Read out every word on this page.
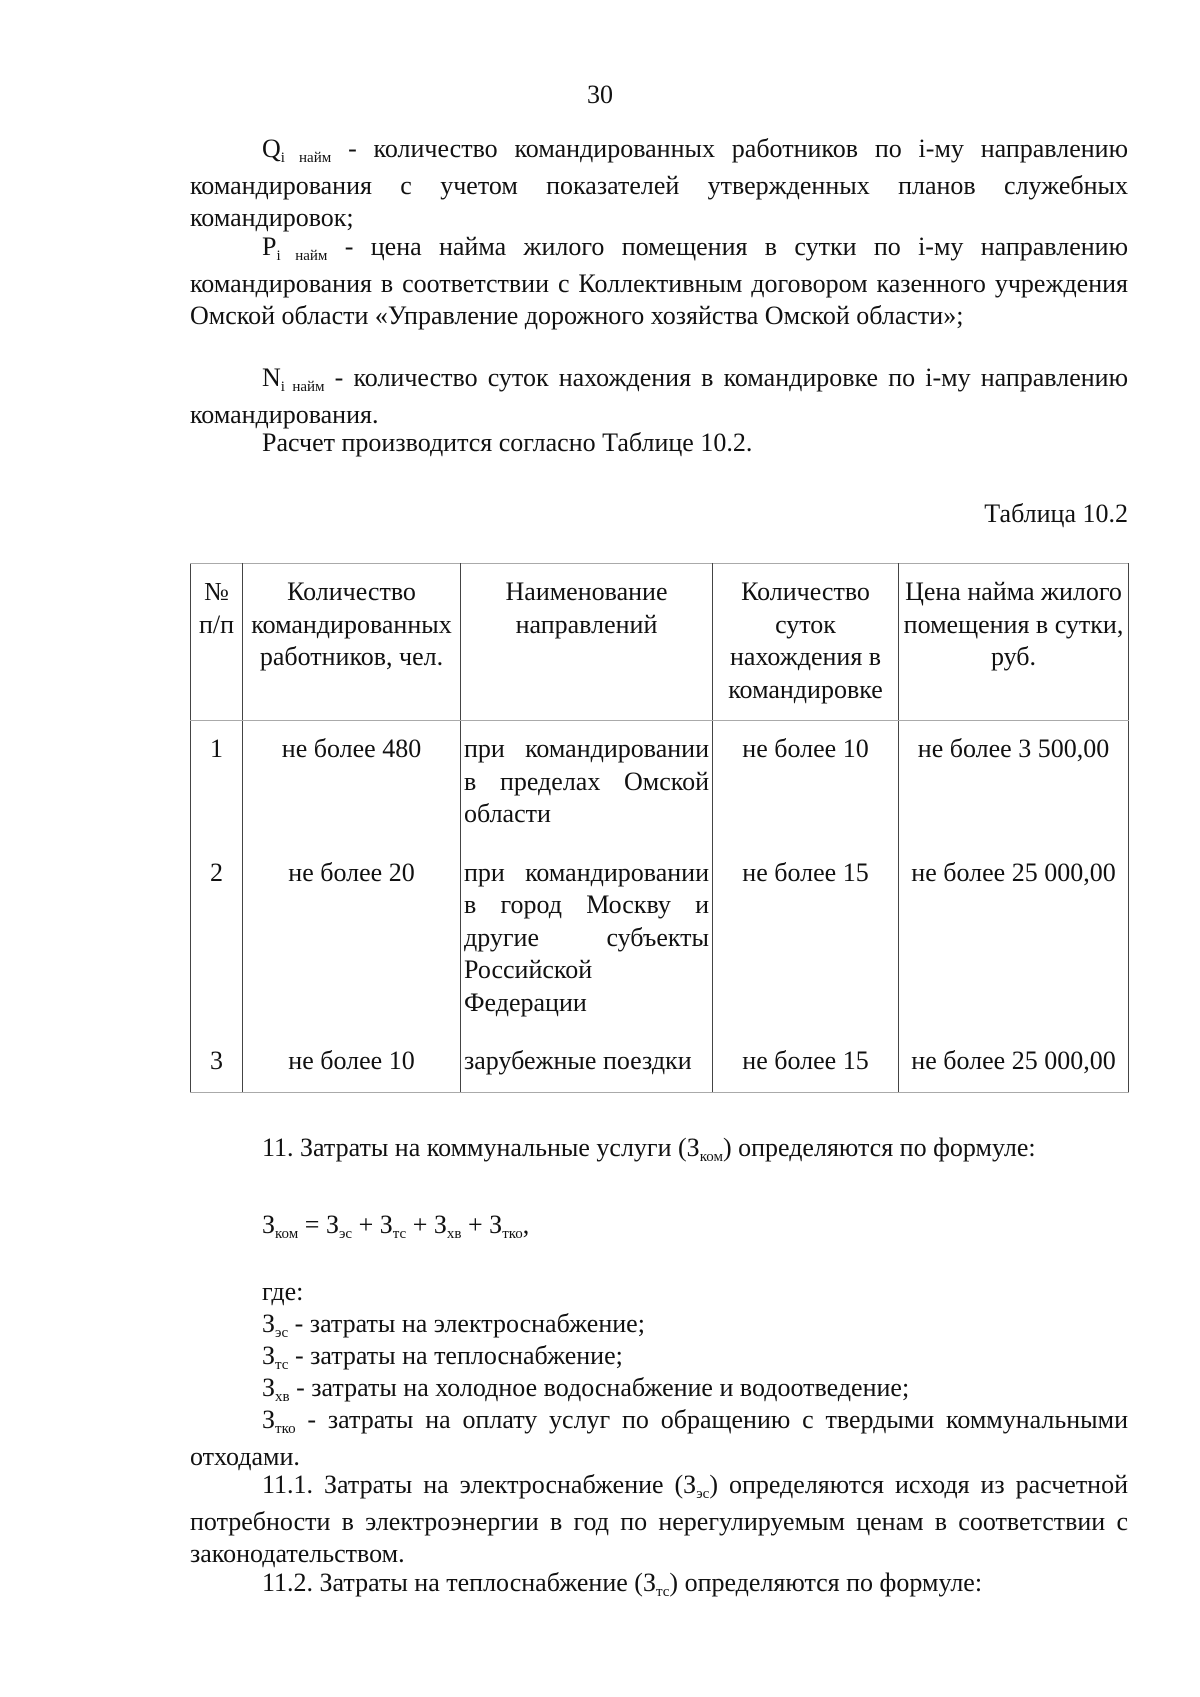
30
Qi найм - количество командированных работников по i-му направлению командирования с учетом показателей утвержденных планов служебных командировок;
Pi найм - цена найма жилого помещения в сутки по i-му направлению командирования в соответствии с Коллективным договором казенного учреждения Омской области «Управление дорожного хозяйства Омской области»;
Ni найм - количество суток нахождения в командировке по i-му направлению командирования.
Расчет производится согласно Таблице 10.2.
Таблица 10.2
№ п/п	Количество командированных работников, чел.	Наименование направлений	Количество суток нахождения в командировке	Цена найма жилого помещения в сутки, руб.
1	не более 480	при командировании в пределах Омской области	не более 10	не более 3 500,00
2	не более 20	при командировании в город Москву и другие субъекты Российской Федерации	не более 15	не более 25 000,00
3	не более 10	зарубежные поездки	не более 15	не более 25 000,00
11. Затраты на коммунальные услуги (Зком) определяются по формуле:
Зком = Зэс + Зтс + Зхв + Зтко,
где:
Зэс - затраты на электроснабжение;
Зтс - затраты на теплоснабжение;
Зхв - затраты на холодное водоснабжение и водоотведение;
Зтко - затраты на оплату услуг по обращению с твердыми коммунальными отходами.
11.1. Затраты на электроснабжение (Зэс) определяются исходя из расчетной потребности в электроэнергии в год по нерегулируемым ценам в соответствии с законодательством.
11.2. Затраты на теплоснабжение (Зтс) определяются по формуле:
